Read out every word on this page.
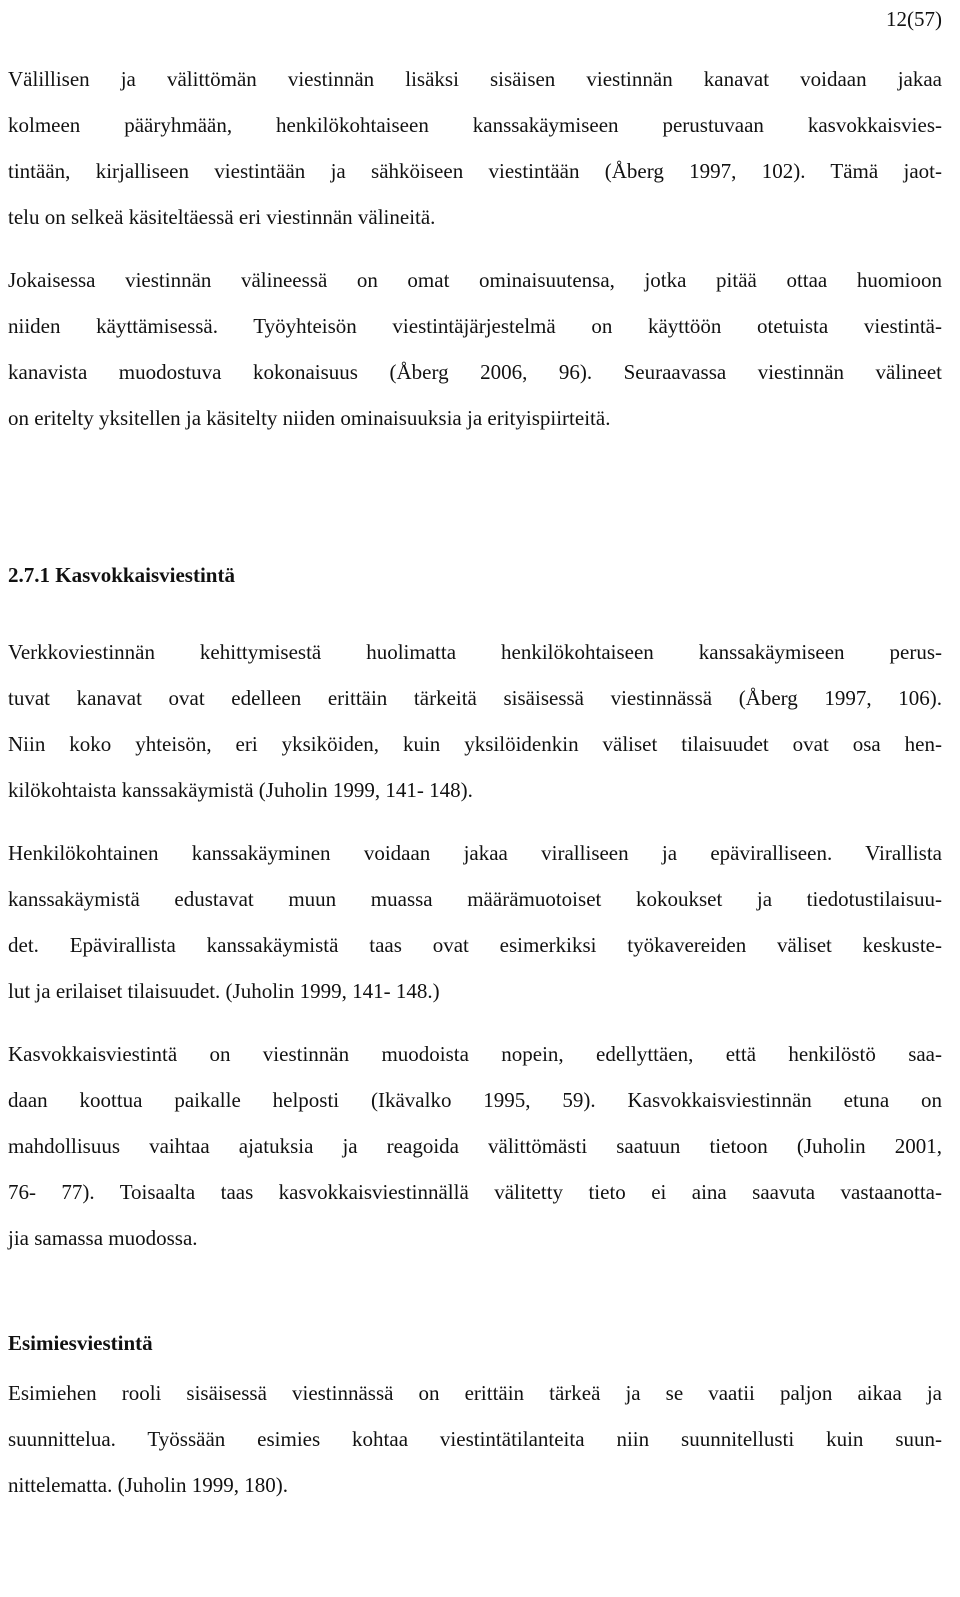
12(57)
Välillisen ja välittömän viestinnän lisäksi sisäisen viestinnän kanavat voidaan jakaa
kolmeen pääryhmään, henkilökohtaiseen kanssakäymiseen perustuvaan kasvokkaisvies-
tintään, kirjalliseen viestintään ja sähköiseen viestintään (Åberg 1997, 102). Tämä jaot-
telu on selkeä käsiteltäessä eri viestinnän välineitä.
Jokaisessa viestinnän välineessä on omat ominaisuutensa, jotka pitää ottaa huomioon
niiden käyttämisessä. Työyhteisön viestintäjärjestelmä on käyttöön otetuista viestintä-
kanavista muodostuva kokonaisuus (Åberg 2006, 96). Seuraavassa viestinnän välineet
on eritelty yksitellen ja käsitelty niiden ominaisuuksia ja erityispiirteitä.
2.7.1 Kasvokkaisviestintä
Verkkoviestinnän kehittymisestä huolimatta henkilökohtaiseen kanssakäymiseen perus-
tuvat kanavat ovat edelleen erittäin tärkeitä sisäisessä viestinnässä (Åberg 1997, 106).
Niin koko yhteisön, eri yksiköiden, kuin yksilöidenkin väliset tilaisuudet ovat osa hen-
kilökohtaista kanssakäymistä (Juholin 1999, 141- 148).
Henkilökohtainen kanssakäyminen voidaan jakaa viralliseen ja epäviralliseen. Virallista
kanssakäymistä edustavat muun muassa määrämuotoiset kokoukset ja tiedotustilaisuu-
det. Epävirallista kanssakäymistä taas ovat esimerkiksi työkavereiden väliset keskuste-
lut ja erilaiset tilaisuudet. (Juholin 1999, 141- 148.)
Kasvokkaisviestintä on viestinnän muodoista nopein, edellyttäen, että henkilöstö saa-
daan koottua paikalle helposti (Ikävalko 1995, 59). Kasvokkaisviestinnän etuna on
mahdollisuus vaihtaa ajatuksia ja reagoida välittömästi saatuun tietoon (Juholin 2001,
76- 77). Toisaalta taas kasvokkaisviestinnällä välitetty tieto ei aina saavuta vastaanotta-
jia samassa muodossa.
Esimiesviestintä
Esimiehen rooli sisäisessä viestinnässä on erittäin tärkeä ja se vaatii paljon aikaa ja
suunnittelua. Työssään esimies kohtaa viestintätilanteita niin suunnitellusti kuin suun-
nittelematta. (Juholin 1999, 180).
